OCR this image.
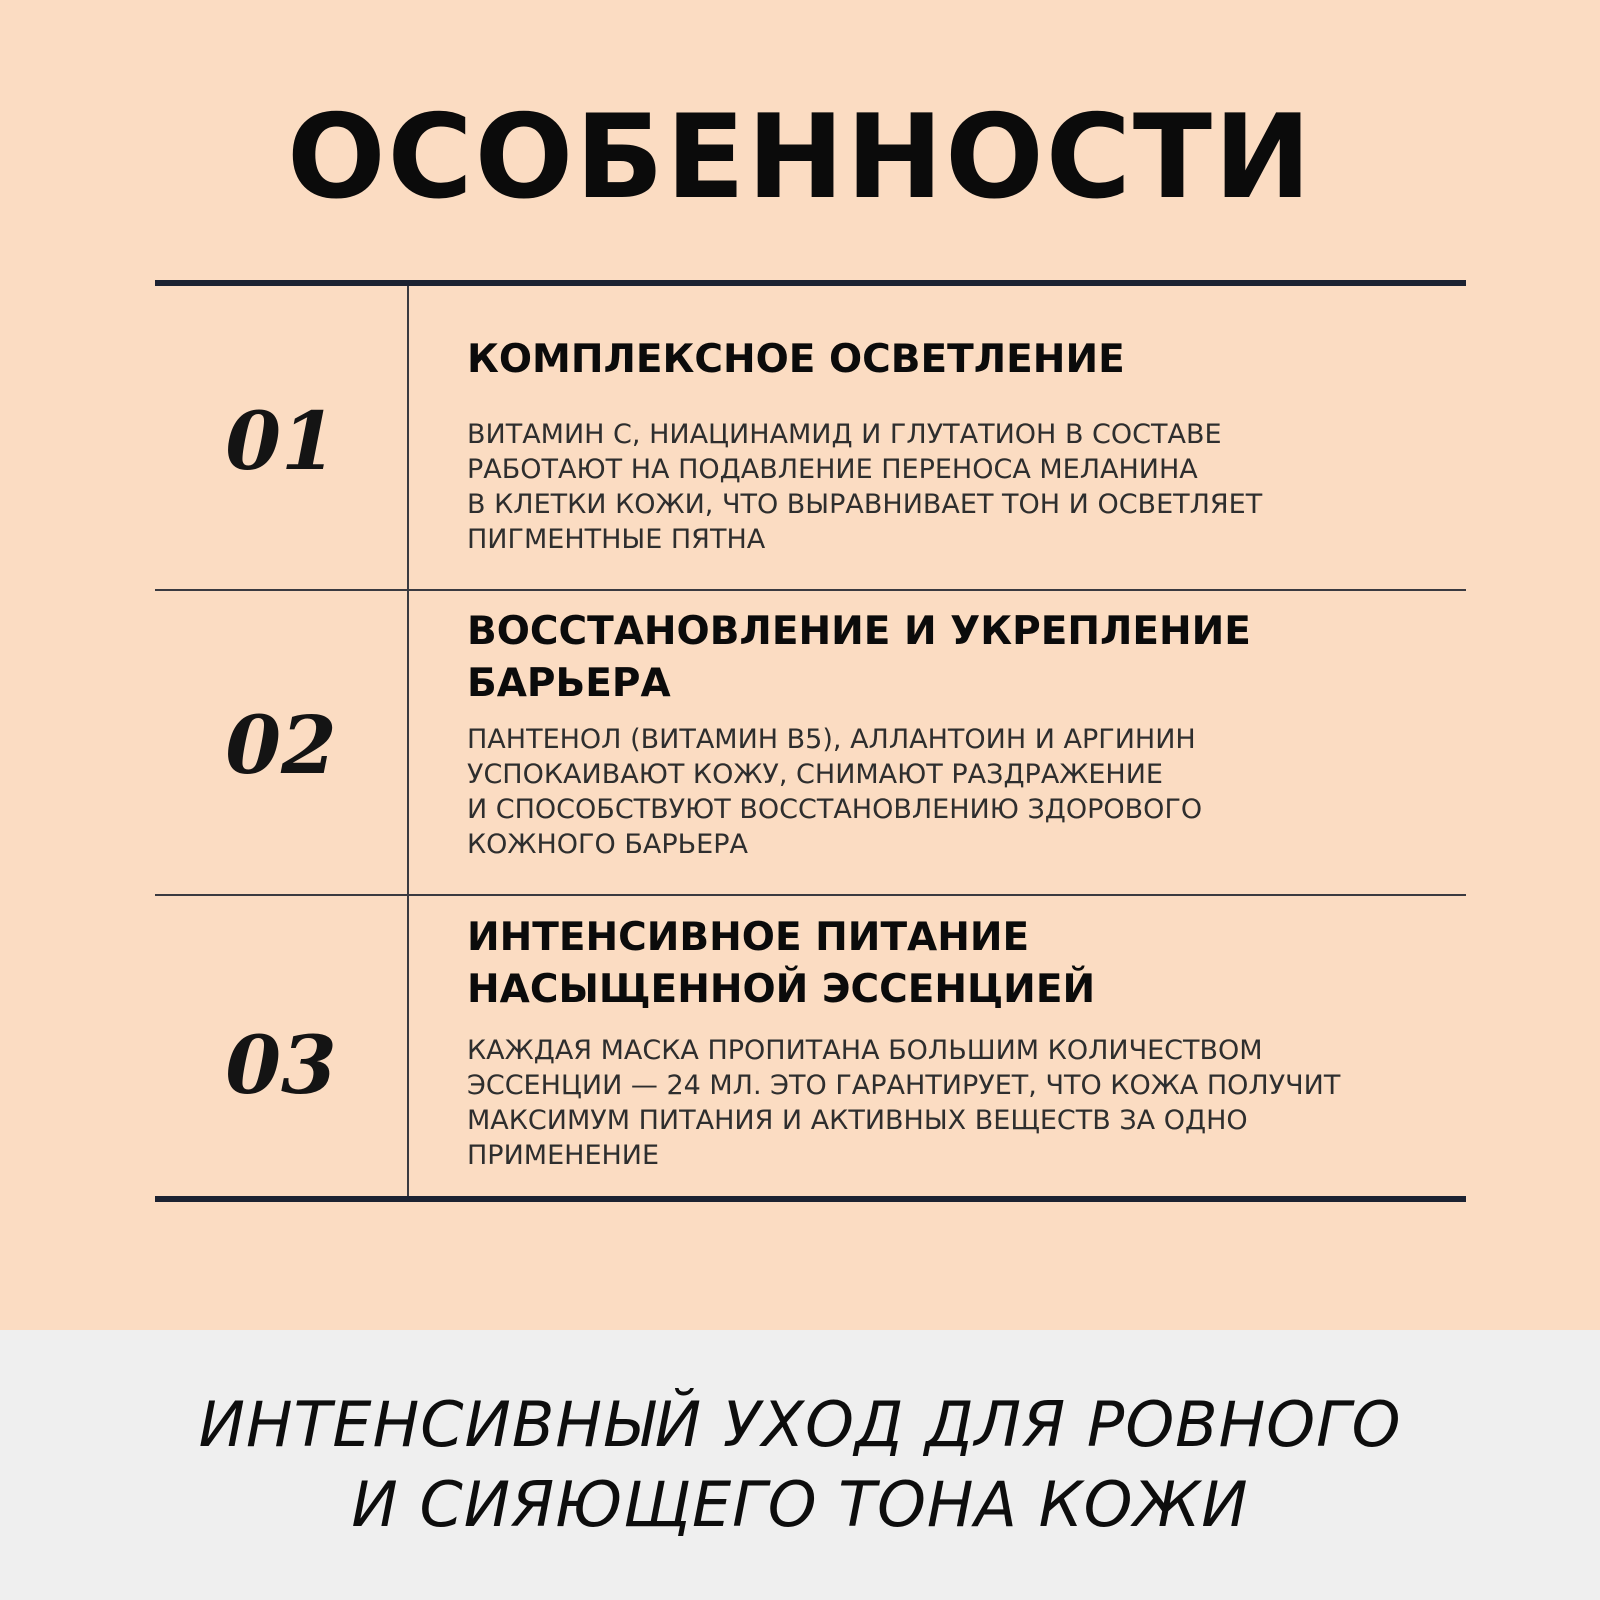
ОСОБЕННОСТИ

01

КОМПЛЕКСНОЕ ОСВЕТЛЕНИЕ

ВИТАМИН C, НИАЦИНАМИД И ГЛУТАТИОН В СОСТАВЕ
РАБОТАЮТ НА ПОДАВЛЕНИЕ ПЕРЕНОСА МЕЛАНИНА
В КЛЕТКИ КОЖИ, ЧТО ВЫРАВНИВАЕТ ТОН И ОСВЕТЛЯЕТ
ПИГМЕНТНЫЕ ПЯТНА

02

ВОССТАНОВЛЕНИЕ И УКРЕПЛЕНИЕ
БАРЬЕРА

ПАНТЕНОЛ (ВИТАМИН B5), АЛЛАНТОИН И АРГИНИН
УСПОКАИВАЮТ КОЖУ, СНИМАЮТ РАЗДРАЖЕНИЕ
И СПОСОБСТВУЮТ ВОССТАНОВЛЕНИЮ ЗДОРОВОГО
КОЖНОГО БАРЬЕРА

03

ИНТЕНСИВНОЕ ПИТАНИЕ
НАСЫЩЕННОЙ ЭССЕНЦИЕЙ

КАЖДАЯ МАСКА ПРОПИТАНА БОЛЬШИМ КОЛИЧЕСТВОМ
ЭССЕНЦИИ — 24 МЛ. ЭТО ГАРАНТИРУЕТ, ЧТО КОЖА ПОЛУЧИТ
МАКСИМУМ ПИТАНИЯ И АКТИВНЫХ ВЕЩЕСТВ ЗА ОДНО
ПРИМЕНЕНИЕ

ИНТЕНСИВНЫЙ УХОД ДЛЯ РОВНОГО
И СИЯЮЩЕГО ТОНА КОЖИ
